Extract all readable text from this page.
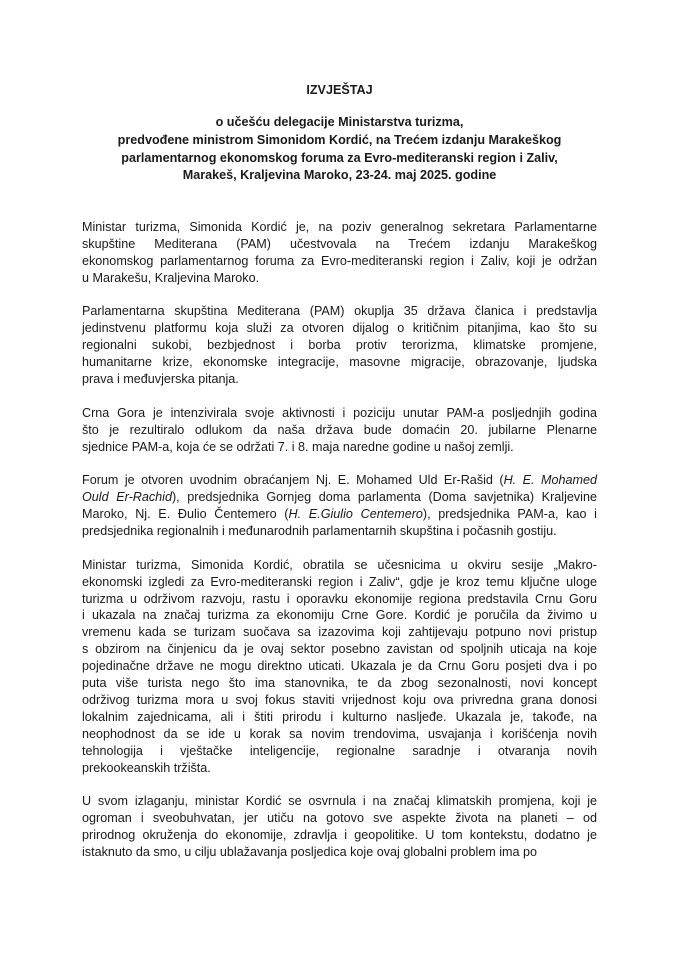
IZVJEŠTAJ
o učešću delegacije Ministarstva turizma,
predvođene ministrom Simonidom Kordić, na Trećem izdanju Marakeškog
parlamentarnog ekonomskog foruma za Evro-mediteranski region i Zaliv,
Marakeš, Kraljevina Maroko, 23-24. maj 2025. godine
Ministar turizma, Simonida Kordić je, na poziv generalnog sekretara Parlamentarne
skupštine Mediterana (PAM) učestvovala na Trećem izdanju Marakeškog
ekonomskog parlamentarnog foruma za Evro-mediteranski region i Zaliv, koji je održan
u Marakešu, Kraljevina Maroko.
Parlamentarna skupština Mediterana (PAM) okuplja 35 država članica i predstavlja
jedinstvenu platformu koja služi za otvoren dijalog o kritičnim pitanjima, kao što su
regionalni sukobi, bezbjednost i borba protiv terorizma, klimatske promjene,
humanitarne krize, ekonomske integracije, masovne migracije, obrazovanje, ljudska
prava i međuvjerska pitanja.
Crna Gora je intenzivirala svoje aktivnosti i poziciju unutar PAM-a posljednjih godina
što je rezultiralo odlukom da naša država bude domaćin 20. jubilarne Plenarne
sjednice PAM-a, koja će se održati 7. i 8. maja naredne godine u našoj zemlji.
Forum je otvoren uvodnim obraćanjem Nj. E. Mohamed Uld Er-Rašid (H. E. Mohamed
Ould Er-Rachid), predsjednika Gornjeg doma parlamenta (Doma savjetnika) Kraljevine
Maroko, Nj. E. Đulio Čentemero (H. E.Giulio Centemero), predsjednika PAM-a, kao i
predsjednika regionalnih i međunarodnih parlamentarnih skupština i počasnih gostiju.
Ministar turizma, Simonida Kordić, obratila se učesnicima u okviru sesije „Makro-
ekonomski izgledi za Evro-mediteranski region i Zaliv“, gdje je kroz temu ključne uloge
turizma u održivom razvoju, rastu i oporavku ekonomije regiona predstavila Crnu Goru
i ukazala na značaj turizma za ekonomiju Crne Gore. Kordić je poručila da živimo u
vremenu kada se turizam suočava sa izazovima koji zahtijevaju potpuno novi pristup
s obzirom na činjenicu da je ovaj sektor posebno zavistan od spoljnih uticaja na koje
pojedinačne države ne mogu direktno uticati. Ukazala je da Crnu Goru posjeti dva i po
puta više turista nego što ima stanovnika, te da zbog sezonalnosti, novi koncept
održivog turizma mora u svoj fokus staviti vrijednost koju ova privredna grana donosi
lokalnim zajednicama, ali i štiti prirodu i kulturno nasljeđe. Ukazala je, takođe, na
neophodnost da se ide u korak sa novim trendovima, usvajanja i korišćenja novih
tehnologija i vještačke inteligencije, regionalne saradnje i otvaranja novih
prekookeanskih tržišta.
U svom izlaganju, ministar Kordić se osvrnula i na značaj klimatskih promjena, koji je
ogroman i sveobuhvatan, jer utiču na gotovo sve aspekte života na planeti – od
prirodnog okruženja do ekonomije, zdravlja i geopolitike. U tom kontekstu, dodatno je
istaknuto da smo, u cilju ublažavanja posljedica koje ovaj globalni problem ima po
